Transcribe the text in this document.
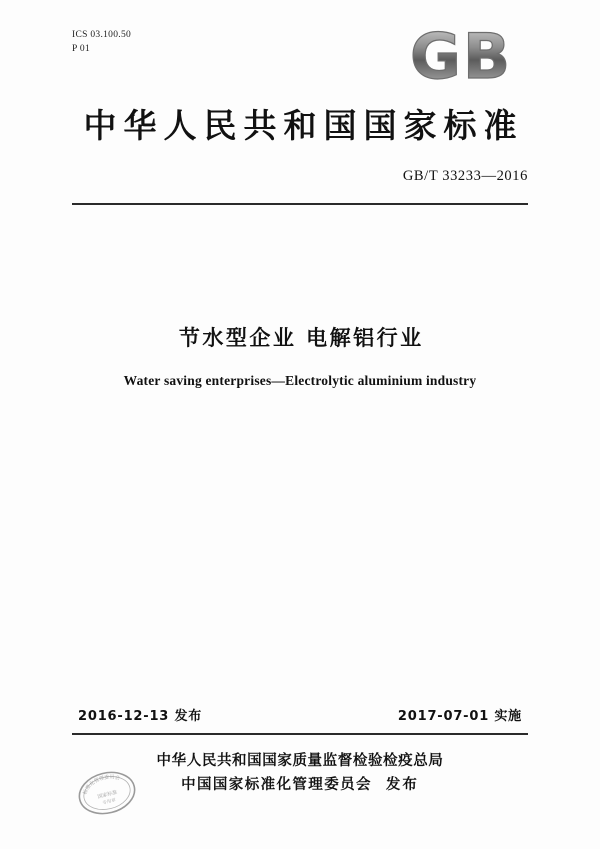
ICS 03.100.50
P 01	GB
中华人民共和国国家标准
GB/T 33233—2016
节水型企业 电解铝行业
Water saving enterprises—Electrolytic aluminium industry
2016-12-13 发布	2017-07-01 实施
中华人民共和国国家质量监督检验检疫总局
中国国家标准化管理委员会 发布
标准化管理委员会
国家标准
专用章
